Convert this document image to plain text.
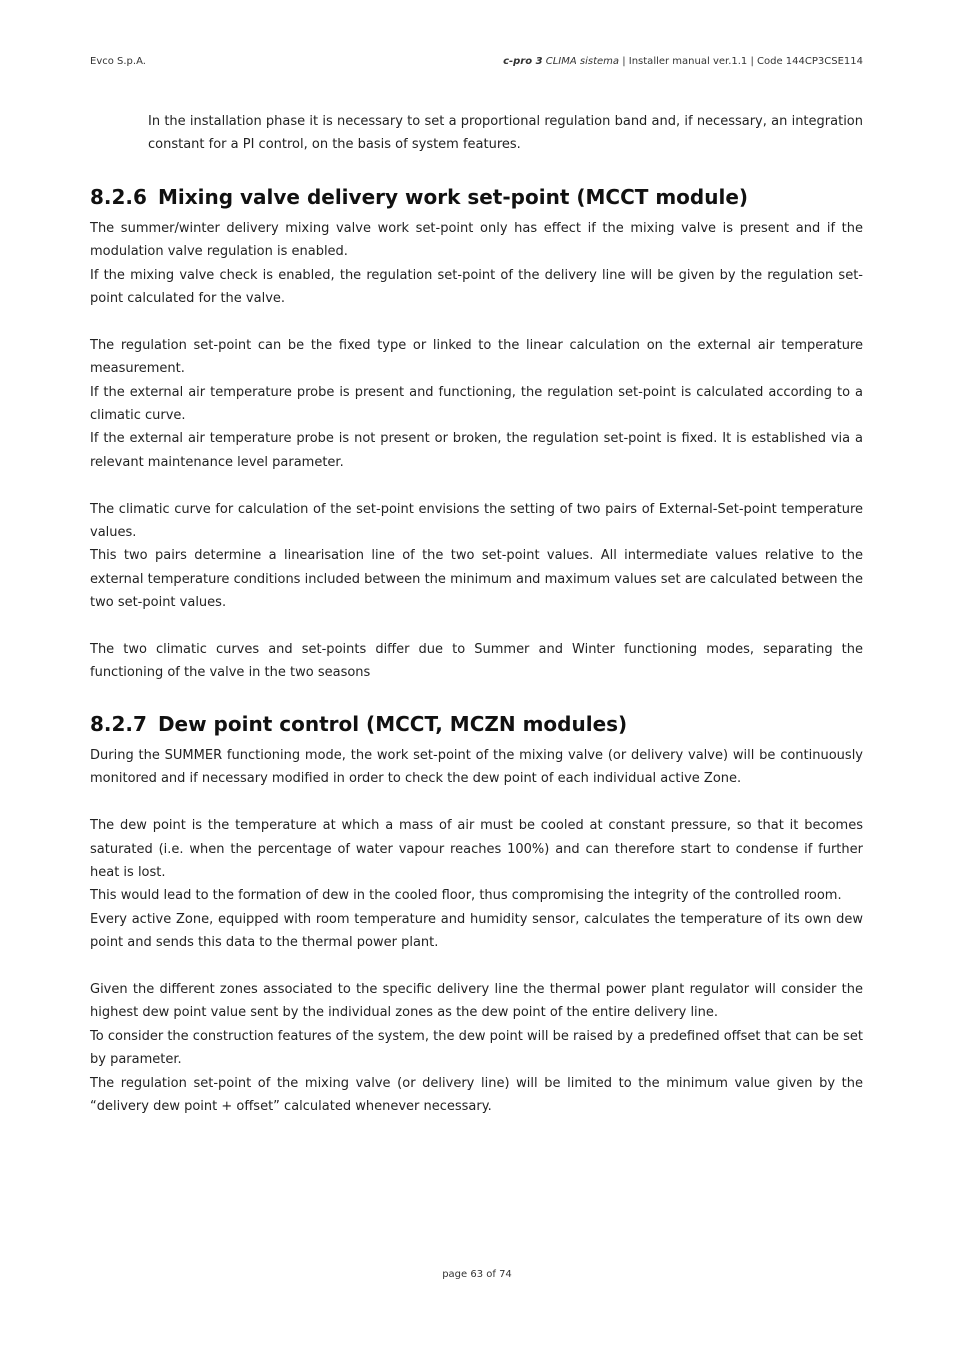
Evco S.p.A.	c-pro 3 CLIMA sistema | Installer manual ver.1.1 | Code 144CP3CSE114

In the installation phase it is necessary to set a proportional regulation band and, if necessary, an integration constant for a PI control, on the basis of system features.

8.2.6 Mixing valve delivery work set-point (MCCT module)

The summer/winter delivery mixing valve work set-point only has effect if the mixing valve is present and if the modulation valve regulation is enabled.

If the mixing valve check is enabled, the regulation set-point of the delivery line will be given by the regulation set-point calculated for the valve.

The regulation set-point can be the fixed type or linked to the linear calculation on the external air temperature measurement.

If the external air temperature probe is present and functioning, the regulation set-point is calculated according to a climatic curve.

If the external air temperature probe is not present or broken, the regulation set-point is fixed. It is established via a relevant maintenance level parameter.

The climatic curve for calculation of the set-point envisions the setting of two pairs of External-Set-point temperature values.

This two pairs determine a linearisation line of the two set-point values. All intermediate values relative to the external temperature conditions included between the minimum and maximum values set are calculated between the two set-point values.

The two climatic curves and set-points differ due to Summer and Winter functioning modes, separating the functioning of the valve in the two seasons

8.2.7 Dew point control (MCCT, MCZN modules)

During the SUMMER functioning mode, the work set-point of the mixing valve (or delivery valve) will be continuously monitored and if necessary modified in order to check the dew point of each individual active Zone.

The dew point is the temperature at which a mass of air must be cooled at constant pressure, so that it becomes saturated (i.e. when the percentage of water vapour reaches 100%) and can therefore start to condense if further heat is lost.

This would lead to the formation of dew in the cooled floor, thus compromising the integrity of the controlled room.

Every active Zone, equipped with room temperature and humidity sensor, calculates the temperature of its own dew point and sends this data to the thermal power plant.

Given the different zones associated to the specific delivery line the thermal power plant regulator will consider the highest dew point value sent by the individual zones as the dew point of the entire delivery line.

To consider the construction features of the system, the dew point will be raised by a predefined offset that can be set by parameter.

The regulation set-point of the mixing valve (or delivery line) will be limited to the minimum value given by the “delivery dew point + offset” calculated whenever necessary.

page 63 of 74
